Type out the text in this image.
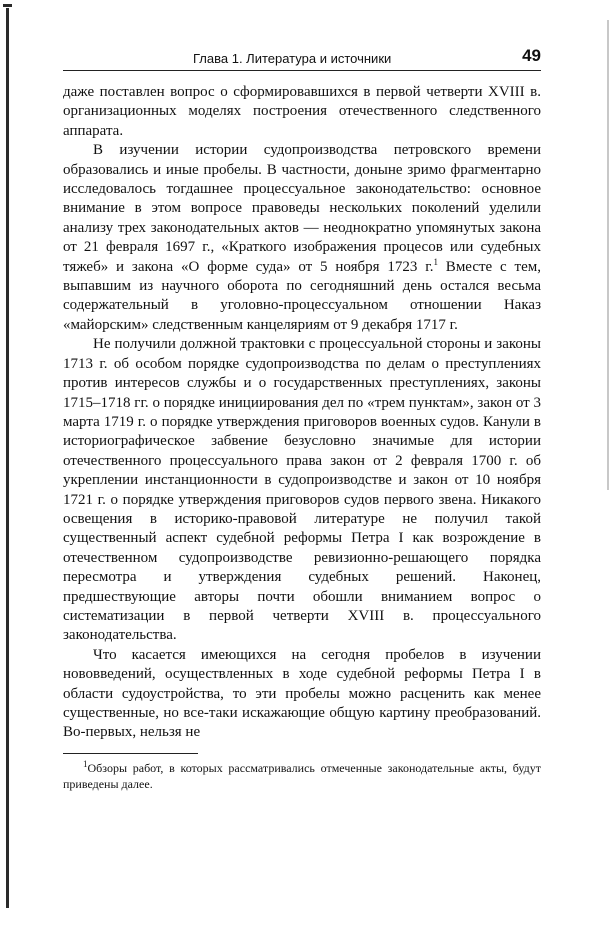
Глава 1. Литература и источники	49

даже поставлен вопрос о сформировавшихся в первой четверти XVIII в. организационных моделях построения отечественного следственного аппарата.

В изучении истории судопроизводства петровского времени образовались и иные пробелы. В частности, доныне зримо фрагментарно исследовалось тогдашнее процессуальное законодательство: основное внимание в этом вопросе правоведы нескольких поколений уделили анализу трех законодательных актов — неоднократно упомянутых закона от 21 февраля 1697 г., «Краткого изображения процесов или судебных тяжеб» и закона «О форме суда» от 5 ноября 1723 г.$^1$ Вместе с тем, выпавшим из научного оборота по сегодняшний день остался весьма содержательный в уголовно-процессуальном отношении Наказ «майорским» следственным канцеляриям от 9 декабря 1717 г.

Не получили должной трактовки с процессуальной стороны и законы 1713 г. об особом порядке судопроизводства по делам о преступлениях против интересов службы и о государственных преступлениях, законы 1715–1718 гг. о порядке инициирования дел по «трем пунктам», закон от 3 марта 1719 г. о порядке утверждения приговоров военных судов. Канули в историографическое забвение безусловно значимые для истории отечественного процессуального права закон от 2 февраля 1700 г. об укреплении инстанционности в судопроизводстве и закон от 10 ноября 1721 г. о порядке утверждения приговоров судов первого звена. Никакого освещения в историко-правовой литературе не получил такой существенный аспект судебной реформы Петра I как возрождение в отечественном судопроизводстве ревизионно-решающего порядка пересмотра и утверждения судебных решений. Наконец, предшествующие авторы почти обошли вниманием вопрос о систематизации в первой четверти XVIII в. процессуального законодательства.

Что касается имеющихся на сегодня пробелов в изучении нововведений, осуществленных в ходе судебной реформы Петра I в области судоустройства, то эти пробелы можно расценить как менее существенные, но все-таки искажающие общую картину преобразований. Во-первых, нельзя не

$^1$Обзоры работ, в которых рассматривались отмеченные законодательные акты, будут приведены далее.
